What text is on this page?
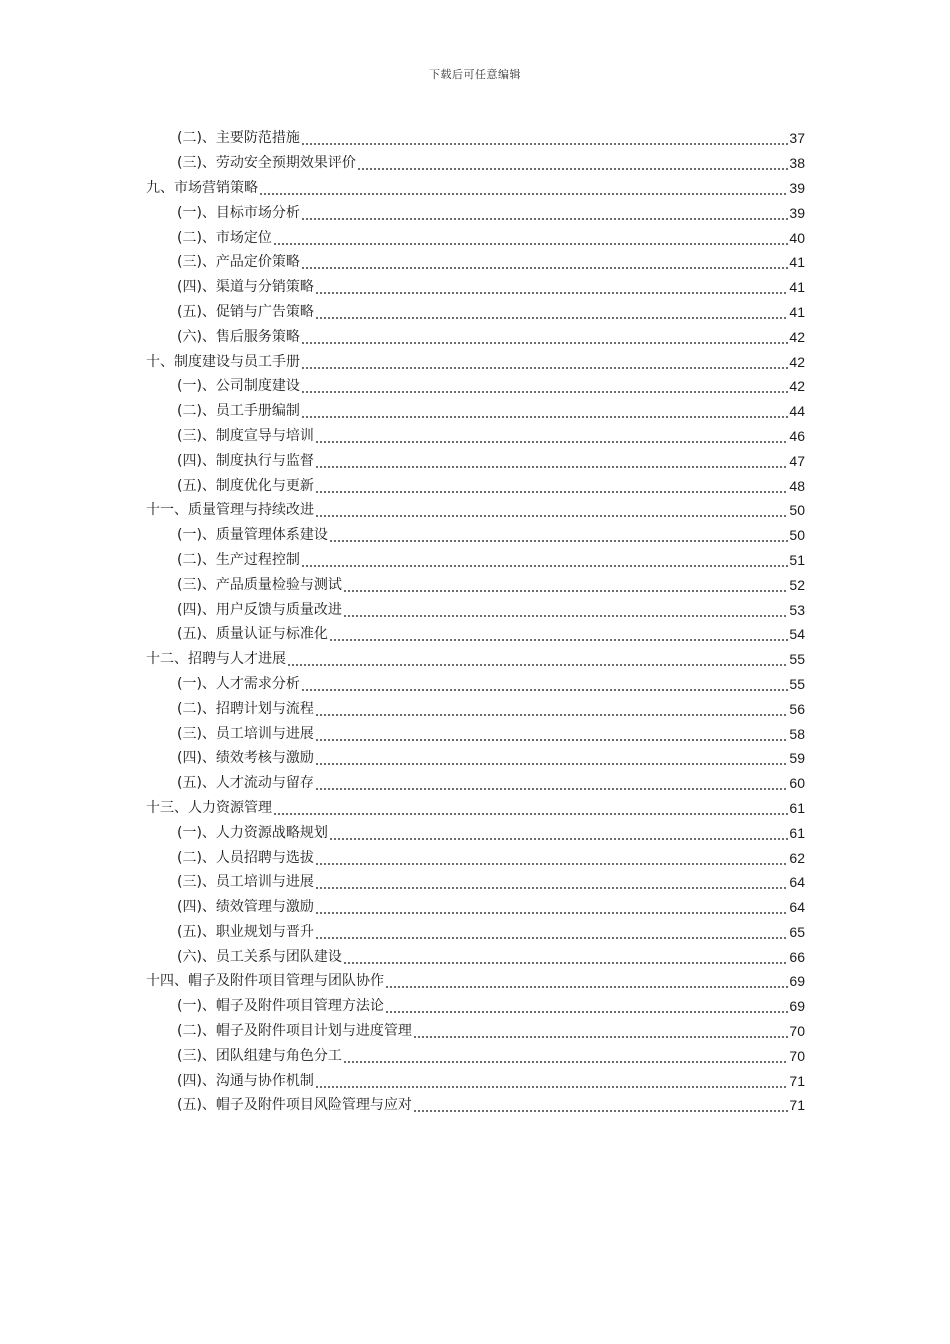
下载后可任意编辑
(二)、主要防范措施	37
(三)、劳动安全预期效果评价	38
九、市场营销策略	39
(一)、目标市场分析	39
(二)、市场定位	40
(三)、产品定价策略	41
(四)、渠道与分销策略	41
(五)、促销与广告策略	41
(六)、售后服务策略	42
十、制度建设与员工手册	42
(一)、公司制度建设	42
(二)、员工手册编制	44
(三)、制度宣导与培训	46
(四)、制度执行与监督	47
(五)、制度优化与更新	48
十一、质量管理与持续改进	50
(一)、质量管理体系建设	50
(二)、生产过程控制	51
(三)、产品质量检验与测试	52
(四)、用户反馈与质量改进	53
(五)、质量认证与标准化	54
十二、招聘与人才进展	55
(一)、人才需求分析	55
(二)、招聘计划与流程	56
(三)、员工培训与进展	58
(四)、绩效考核与激励	59
(五)、人才流动与留存	60
十三、人力资源管理	61
(一)、人力资源战略规划	61
(二)、人员招聘与选拔	62
(三)、员工培训与进展	64
(四)、绩效管理与激励	64
(五)、职业规划与晋升	65
(六)、员工关系与团队建设	66
十四、帽子及附件项目管理与团队协作	69
(一)、帽子及附件项目管理方法论	69
(二)、帽子及附件项目计划与进度管理	70
(三)、团队组建与角色分工	70
(四)、沟通与协作机制	71
(五)、帽子及附件项目风险管理与应对	71
